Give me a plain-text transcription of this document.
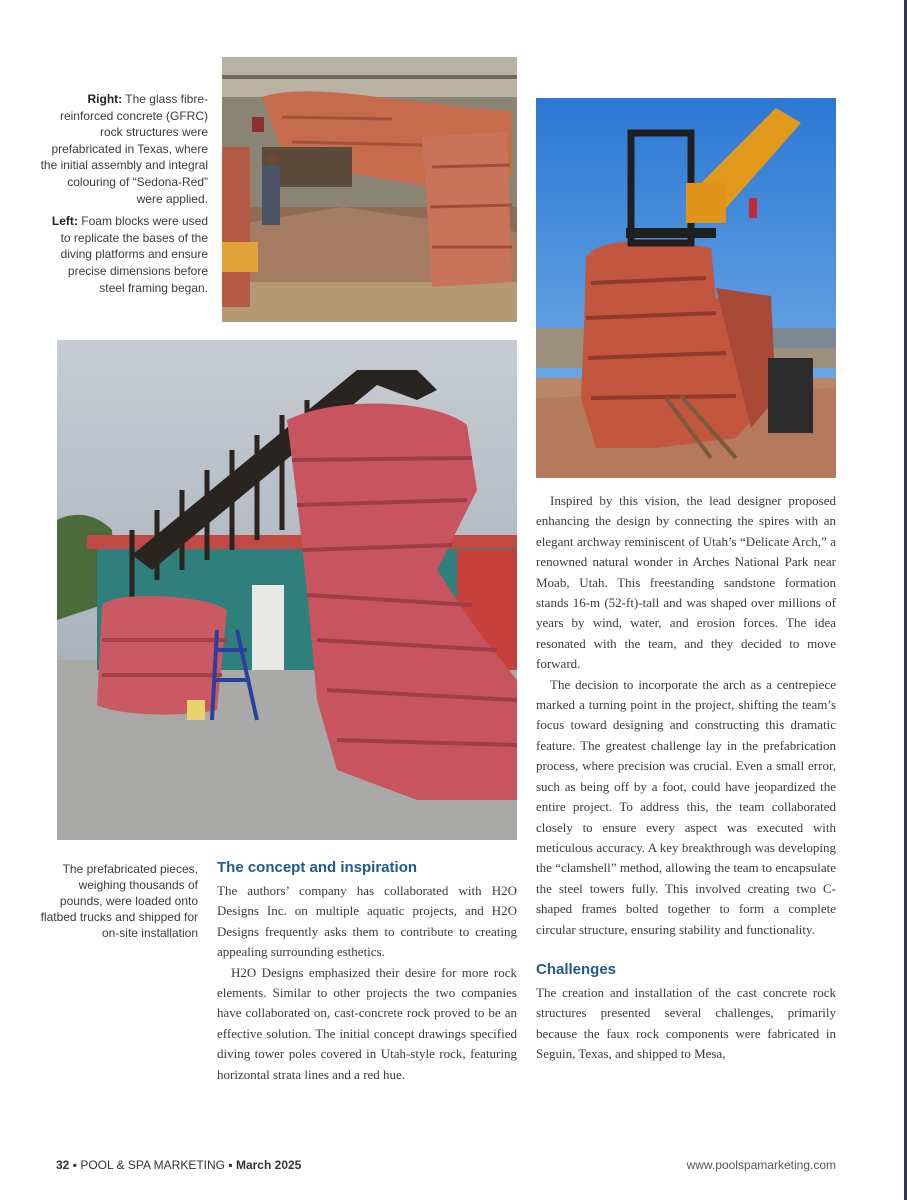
Right: The glass fibre-reinforced concrete (GFRC) rock structures were prefabricated in Texas, where the initial assembly and integral colouring of “Sedona-Red” were applied.

Left: Foam blocks were used to replicate the bases of the diving platforms and ensure precise dimensions before steel framing began.

The prefabricated pieces, weighing thousands of pounds, were loaded onto flatbed trucks and shipped for on-site installation
The concept and inspiration

The authors’ company has collaborated with H2O Designs Inc. on multiple aquatic projects, and H2O Designs frequently asks them to contribute to creating appealing surrounding esthetics.

H2O Designs emphasized their desire for more rock elements. Similar to other projects the two companies have collaborated on, cast-concrete rock proved to be an effective solution. The initial concept drawings specified diving tower poles covered in Utah-style rock, featuring horizontal strata lines and a red hue.

Inspired by this vision, the lead designer proposed enhancing the design by connecting the spires with an elegant archway reminiscent of Utah’s “Delicate Arch,” a renowned natural wonder in Arches National Park near Moab, Utah. This freestanding sandstone formation stands 16-m (52-ft)-tall and was shaped over millions of years by wind, water, and erosion forces. The idea resonated with the team, and they decided to move forward.

The decision to incorporate the arch as a centrepiece marked a turning point in the project, shifting the team’s focus toward designing and constructing this dramatic feature. The greatest challenge lay in the prefabrication process, where precision was crucial. Even a small error, such as being off by a foot, could have jeopardized the entire project. To address this, the team collaborated closely to ensure every aspect was executed with meticulous accuracy. A key breakthrough was developing the “clamshell” method, allowing the team to encapsulate the steel towers fully. This involved creating two C-shaped frames bolted together to form a complete circular structure, ensuring stability and functionality.

Challenges

The creation and installation of the cast concrete rock structures presented several challenges, primarily because the faux rock components were fabricated in Seguin, Texas, and shipped to Mesa,

32 ▪ POOL & SPA MARKETING ▪ March 2025	www.poolspamarketing.com
